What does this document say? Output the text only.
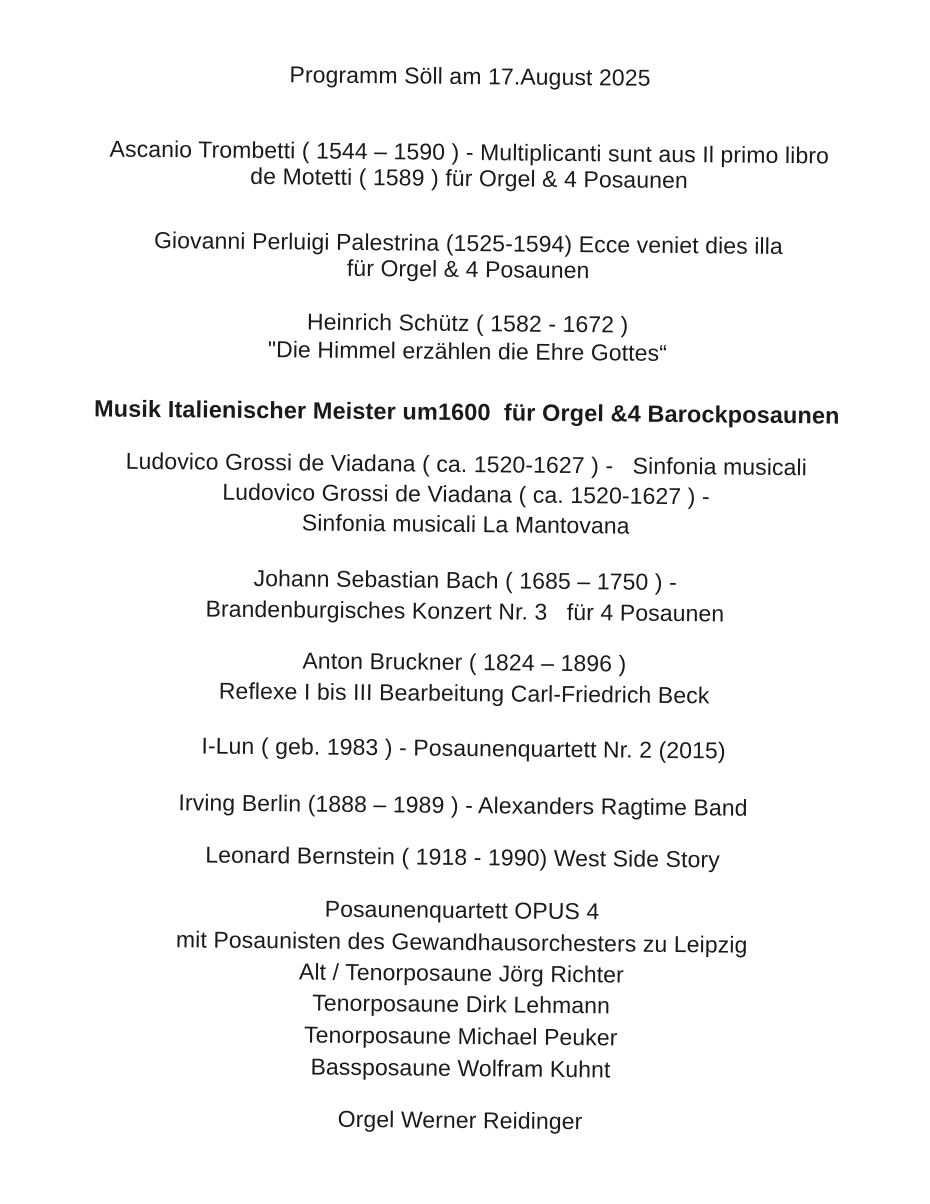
Programm Söll am 17.August 2025
Ascanio Trombetti ( 1544 – 1590 ) - Multiplicanti sunt aus Il primo libro
de Motetti ( 1589 ) für Orgel & 4 Posaunen
Giovanni Perluigi Palestrina (1525-1594) Ecce veniet dies illa
für Orgel & 4 Posaunen
Heinrich Schütz ( 1582 - 1672 )
"Die Himmel erzählen die Ehre Gottes“
Musik Italienischer Meister um1600  für Orgel &4 Barockposaunen
Ludovico Grossi de Viadana ( ca. 1520-1627 ) -   Sinfonia musicali
Ludovico Grossi de Viadana ( ca. 1520-1627 ) -
Sinfonia musicali La Mantovana
Johann Sebastian Bach ( 1685 – 1750 ) -
Brandenburgisches Konzert Nr. 3   für 4 Posaunen
Anton Bruckner ( 1824 – 1896 )
Reflexe I bis III Bearbeitung Carl-Friedrich Beck
I-Lun ( geb. 1983 ) - Posaunenquartett Nr. 2 (2015)
Irving Berlin (1888 – 1989 ) - Alexanders Ragtime Band
Leonard Bernstein ( 1918 - 1990) West Side Story
Posaunenquartett OPUS 4
mit Posaunisten des Gewandhausorchesters zu Leipzig
Alt / Tenorposaune Jörg Richter
Tenorposaune Dirk Lehmann
Tenorposaune Michael Peuker
Bassposaune Wolfram Kuhnt
Orgel Werner Reidinger
